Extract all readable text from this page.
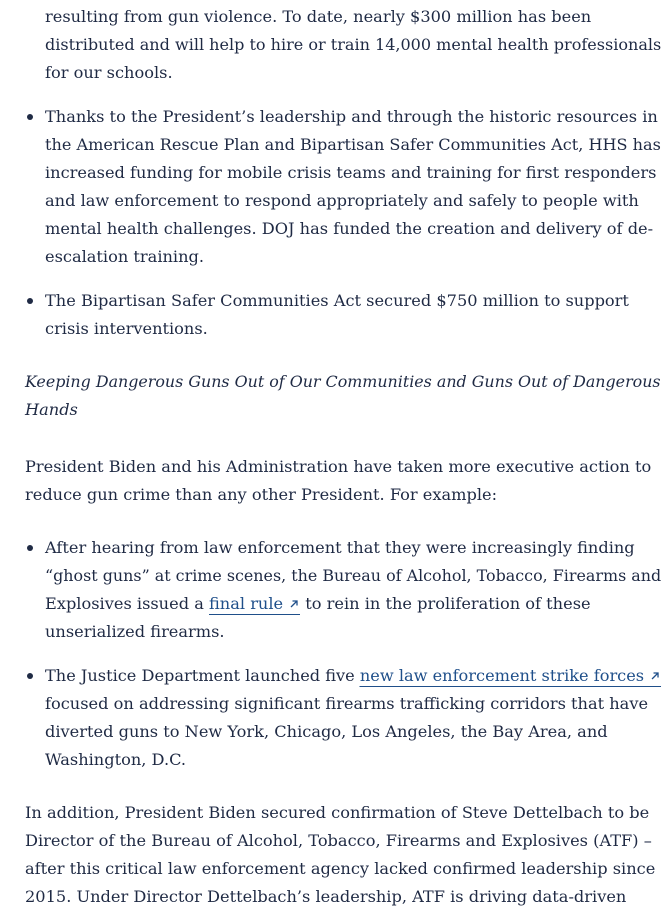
resulting from gun violence. To date, nearly $300 million has been
distributed and will help to hire or train 14,000 mental health professionals
for our schools.
Thanks to the President’s leadership and through the historic resources in
the American Rescue Plan and Bipartisan Safer Communities Act, HHS has
increased funding for mobile crisis teams and training for first responders
and law enforcement to respond appropriately and safely to people with
mental health challenges. DOJ has funded the creation and delivery of de-
escalation training.
The Bipartisan Safer Communities Act secured $750 million to support
crisis interventions.
Keeping Dangerous Guns Out of Our Communities and Guns Out of Dangerous
Hands
President Biden and his Administration have taken more executive action to
reduce gun crime than any other President. For example:
After hearing from law enforcement that they were increasingly finding
“ghost guns” at crime scenes, the Bureau of Alcohol, Tobacco, Firearms and
Explosives issued a final rule to rein in the proliferation of these
unserialized firearms.
The Justice Department launched five new law enforcement strike forces
focused on addressing significant firearms trafficking corridors that have
diverted guns to New York, Chicago, Los Angeles, the Bay Area, and
Washington, D.C.
In addition, President Biden secured confirmation of Steve Dettelbach to be
Director of the Bureau of Alcohol, Tobacco, Firearms and Explosives (ATF) –
after this critical law enforcement agency lacked confirmed leadership since
2015. Under Director Dettelbach’s leadership, ATF is driving data-driven
